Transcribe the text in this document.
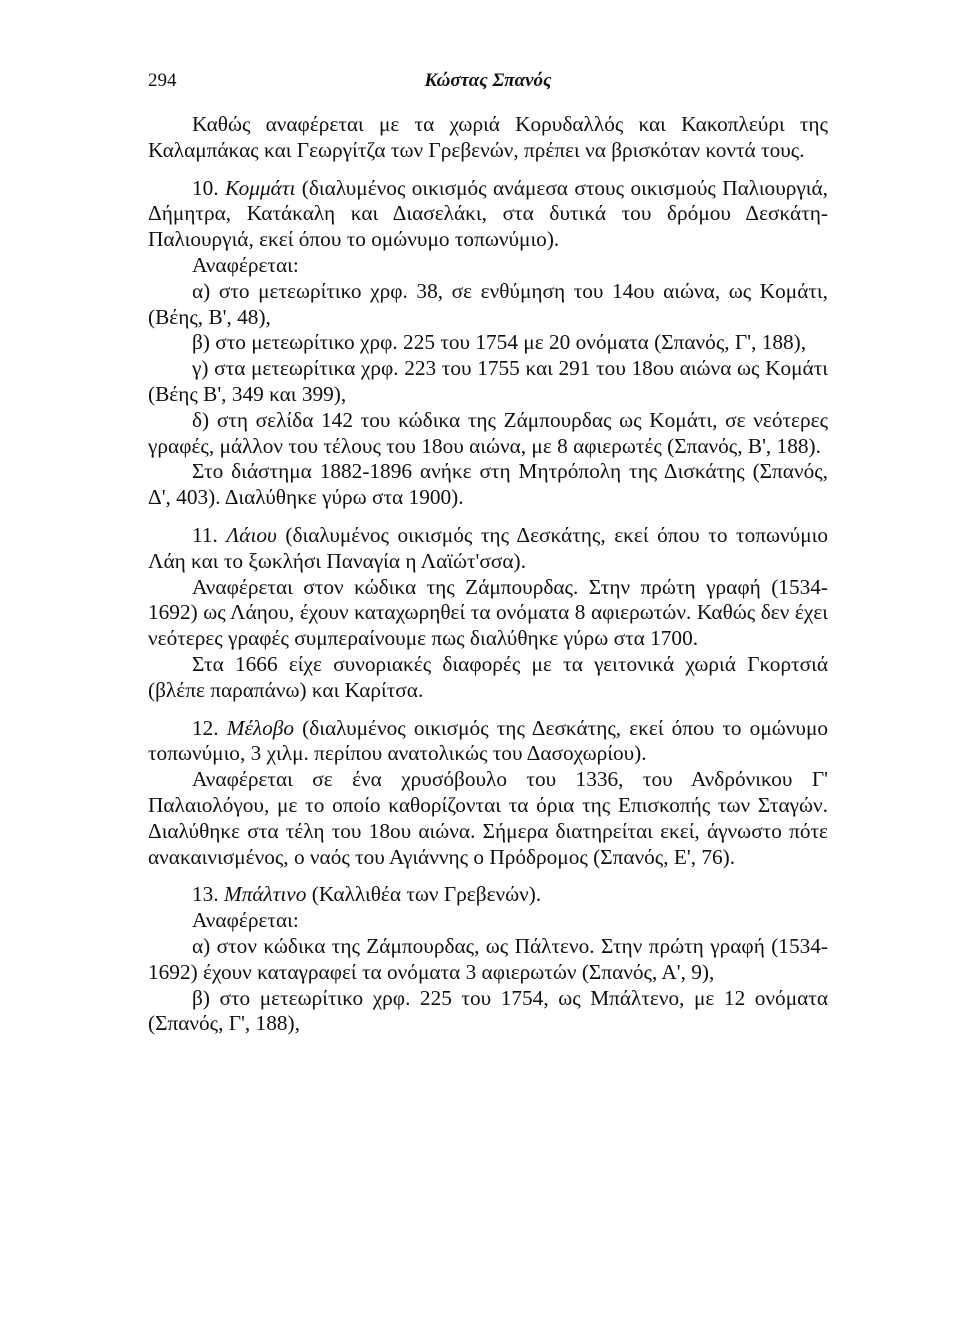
294	Κώστας Σπανός

Καθώς αναφέρεται με τα χωριά Κορυδαλλός και Κακοπλεύρι της Καλαμπάκας και Γεωργίτζα των Γρεβενών, πρέπει να βρισκόταν κοντά τους.

10. Κομμάτι (διαλυμένος οικισμός ανάμεσα στους οικισμούς Παλιουργιά, Δήμητρα, Κατάκαλη και Διασελάκι, στα δυτικά του δρόμου Δεσκάτη-Παλιουργιά, εκεί όπου το ομώνυμο τοπωνύμιο).

Αναφέρεται:

α) στο μετεωρίτικο χρφ. 38, σε ενθύμηση του 14ου αιώνα, ως Κομάτι, (Βέης, Β', 48),

β) στο μετεωρίτικο χρφ. 225 του 1754 με 20 ονόματα (Σπανός, Γ', 188),

γ) στα μετεωρίτικα χρφ. 223 του 1755 και 291 του 18ου αιώνα ως Κομάτι (Βέης Β', 349 και 399),

δ) στη σελίδα 142 του κώδικα της Ζάμπουρδας ως Κομάτι, σε νεότερες γραφές, μάλλον του τέλους του 18ου αιώνα, με 8 αφιερωτές (Σπανός, Β', 188).

Στο διάστημα 1882-1896 ανήκε στη Μητρόπολη της Δισκάτης (Σπανός, Δ', 403). Διαλύθηκε γύρω στα 1900).

11. Λάιου (διαλυμένος οικισμός της Δεσκάτης, εκεί όπου το τοπωνύμιο Λάη και το ξωκλήσι Παναγία η Λαϊώτ'σσα).

Αναφέρεται στον κώδικα της Ζάμπουρδας. Στην πρώτη γραφή (1534-1692) ως Λάηου, έχουν καταχωρηθεί τα ονόματα 8 αφιερωτών. Καθώς δεν έχει νεότερες γραφές συμπεραίνουμε πως διαλύθηκε γύρω στα 1700.

Στα 1666 είχε συνοριακές διαφορές με τα γειτονικά χωριά Γκορτσιά (βλέπε παραπάνω) και Καρίτσα.

12. Μέλοβο (διαλυμένος οικισμός της Δεσκάτης, εκεί όπου το ομώνυμο τοπωνύμιο, 3 χιλμ. περίπου ανατολικώς του Δασοχωρίου).

Αναφέρεται σε ένα χρυσόβουλο του 1336, του Ανδρόνικου Γ' Παλαιολόγου, με το οποίο καθορίζονται τα όρια της Επισκοπής των Σταγών. Διαλύθηκε στα τέλη του 18ου αιώνα. Σήμερα διατηρείται εκεί, άγνωστο πότε ανακαινισμένος, ο ναός του Αγιάννης ο Πρόδρομος (Σπανός, Ε', 76).

13. Μπάλτινο (Καλλιθέα των Γρεβενών).

Αναφέρεται:

α) στον κώδικα της Ζάμπουρδας, ως Πάλτενο. Στην πρώτη γραφή (1534-1692) έχουν καταγραφεί τα ονόματα 3 αφιερωτών (Σπανός, Α', 9),

β) στο μετεωρίτικο χρφ. 225 του 1754, ως Μπάλτενο, με 12 ονόματα (Σπανός, Γ', 188),
